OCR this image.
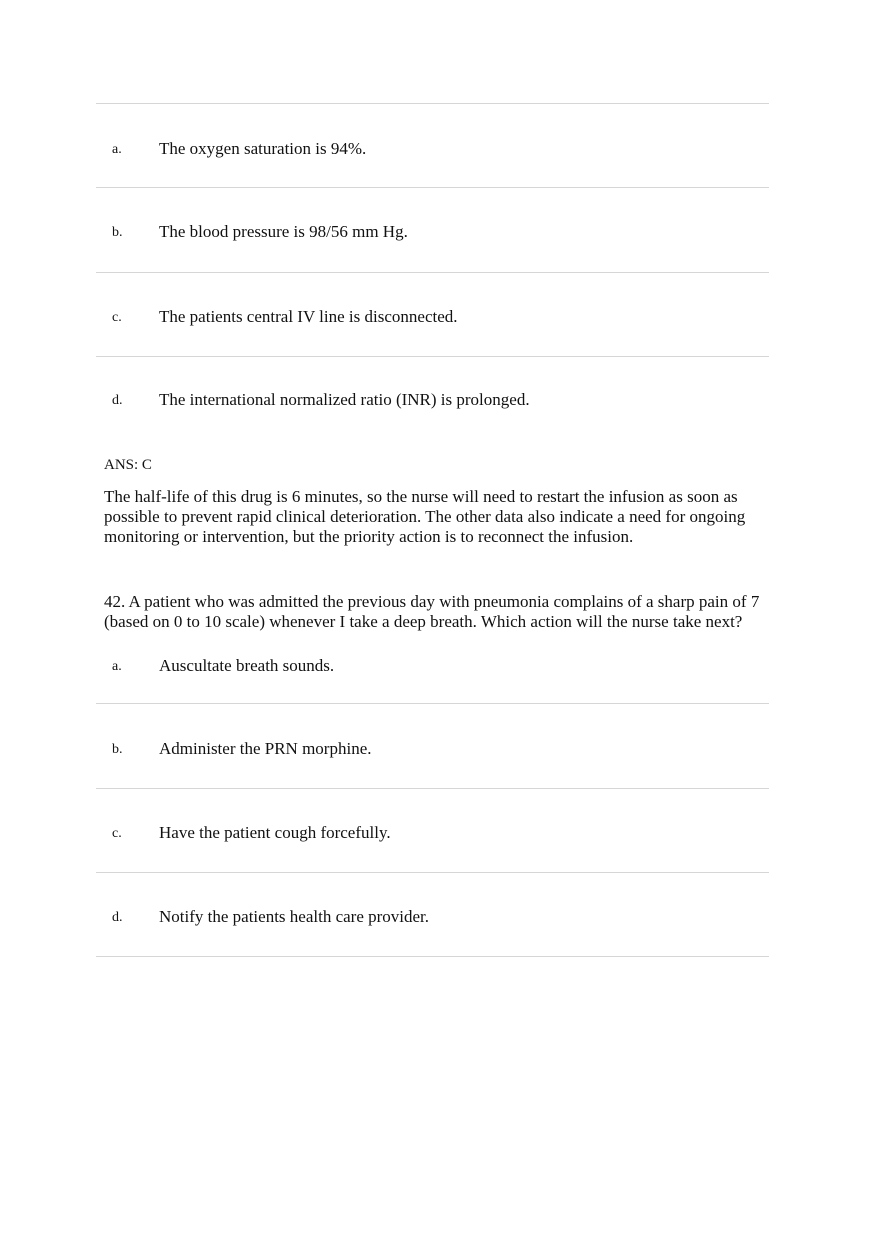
a. The oxygen saturation is 94%.
b. The blood pressure is 98/56 mm Hg.
c. The patients central IV line is disconnected.
d. The international normalized ratio (INR) is prolonged.
ANS: C

The half-life of this drug is 6 minutes, so the nurse will need to restart the infusion as soon as possible to prevent rapid clinical deterioration. The other data also indicate a need for ongoing monitoring or intervention, but the priority action is to reconnect the infusion.

42. A patient who was admitted the previous day with pneumonia complains of a sharp pain of 7 (based on 0 to 10 scale) whenever I take a deep breath. Which action will the nurse take next?

a. Auscultate breath sounds.
b. Administer the PRN morphine.
c. Have the patient cough forcefully.
d. Notify the patients health care provider.
